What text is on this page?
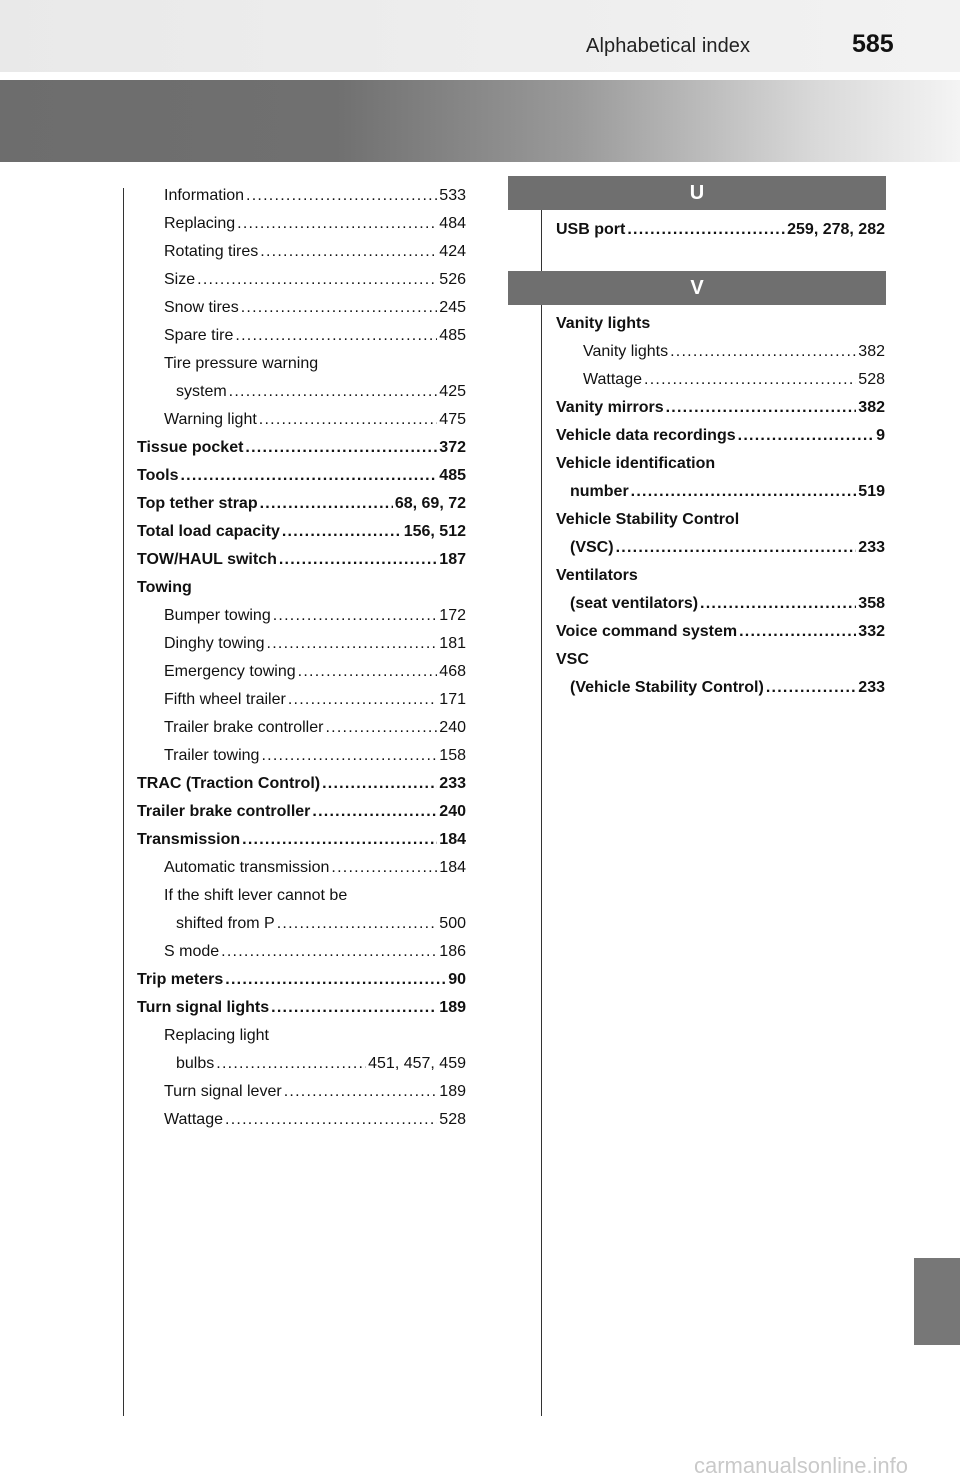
Alphabetical index	585
Information . . .	533
Replacing . . .	484
Rotating tires . . .	424
Size . . .	526
Snow tires . . .	245
Spare tire . . .	485
Tire pressure warning
system . . .	425
Warning light . . .	475
Tissue pocket . . .	372
Tools . . .	485
Top tether strap . . .	68, 69, 72
Total load capacity . . .	156, 512
TOW/HAUL switch . . .	187
Towing
Bumper towing . . .	172
Dinghy towing . . .	181
Emergency towing . . .	468
Fifth wheel trailer . . .	171
Trailer brake controller . . .	240
Trailer towing . . .	158
TRAC (Traction Control) . . .	233
Trailer brake controller . . .	240
Transmission . . .	184
Automatic transmission . . .	184
If the shift lever cannot be
shifted from P . . .	500
S mode . . .	186
Trip meters . . .	90
Turn signal lights . . .	189
Replacing light
bulbs . . .	451, 457, 459
Turn signal lever . . .	189
Wattage . . .	528
U
USB port . . .	259, 278, 282
V
Vanity lights
Vanity lights . . .	382
Wattage . . .	528
Vanity mirrors . . .	382
Vehicle data recordings . . .	9
Vehicle identification
number . . .	519
Vehicle Stability Control
(VSC) . . .	233
Ventilators
(seat ventilators) . . .	358
Voice command system . . .	332
VSC
(Vehicle Stability Control) . . .	233
carmanualsonline.info
